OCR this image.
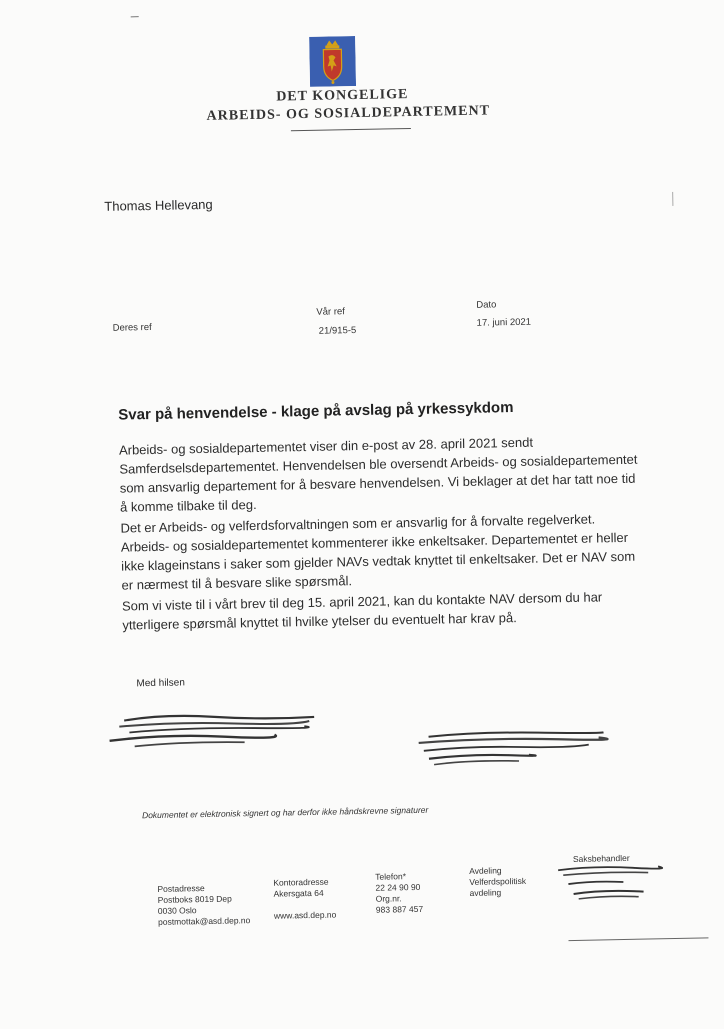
DET KONGELIGE
ARBEIDS- OG SOSIALDEPARTEMENT
Thomas Hellevang
Deres ref
Vår ref
21/915-5
Dato
17. juni 2021
Svar på henvendelse - klage på avslag på yrkessykdom

Arbeids- og sosialdepartementet viser din e-post av 28. april 2021 sendt Samferdselsdepartementet. Henvendelsen ble oversendt Arbeids- og sosialdepartementet som ansvarlig departement for å besvare henvendelsen. Vi beklager at det har tatt noe tid å komme tilbake til deg.

Det er Arbeids- og velferdsforvaltningen som er ansvarlig for å forvalte regelverket. Arbeids- og sosialdepartementet kommenterer ikke enkeltsaker. Departementet er heller ikke klageinstans i saker som gjelder NAVs vedtak knyttet til enkeltsaker. Det er NAV som er nærmest til å besvare slike spørsmål.

Som vi viste til i vårt brev til deg 15. april 2021, kan du kontakte NAV dersom du har ytterligere spørsmål knyttet til hvilke ytelser du eventuelt har krav på.

Med hilsen
Dokumentet er elektronisk signert og har derfor ikke håndskrevne signaturer
Postadresse
Postboks 8019 Dep
0030 Oslo
postmottak@asd.dep.no
Kontoradresse
Akersgata 64

www.asd.dep.no
Telefon*
22 24 90 90
Org.nr.
983 887 457
Avdeling
Velferdspolitisk
avdeling
Saksbehandler
